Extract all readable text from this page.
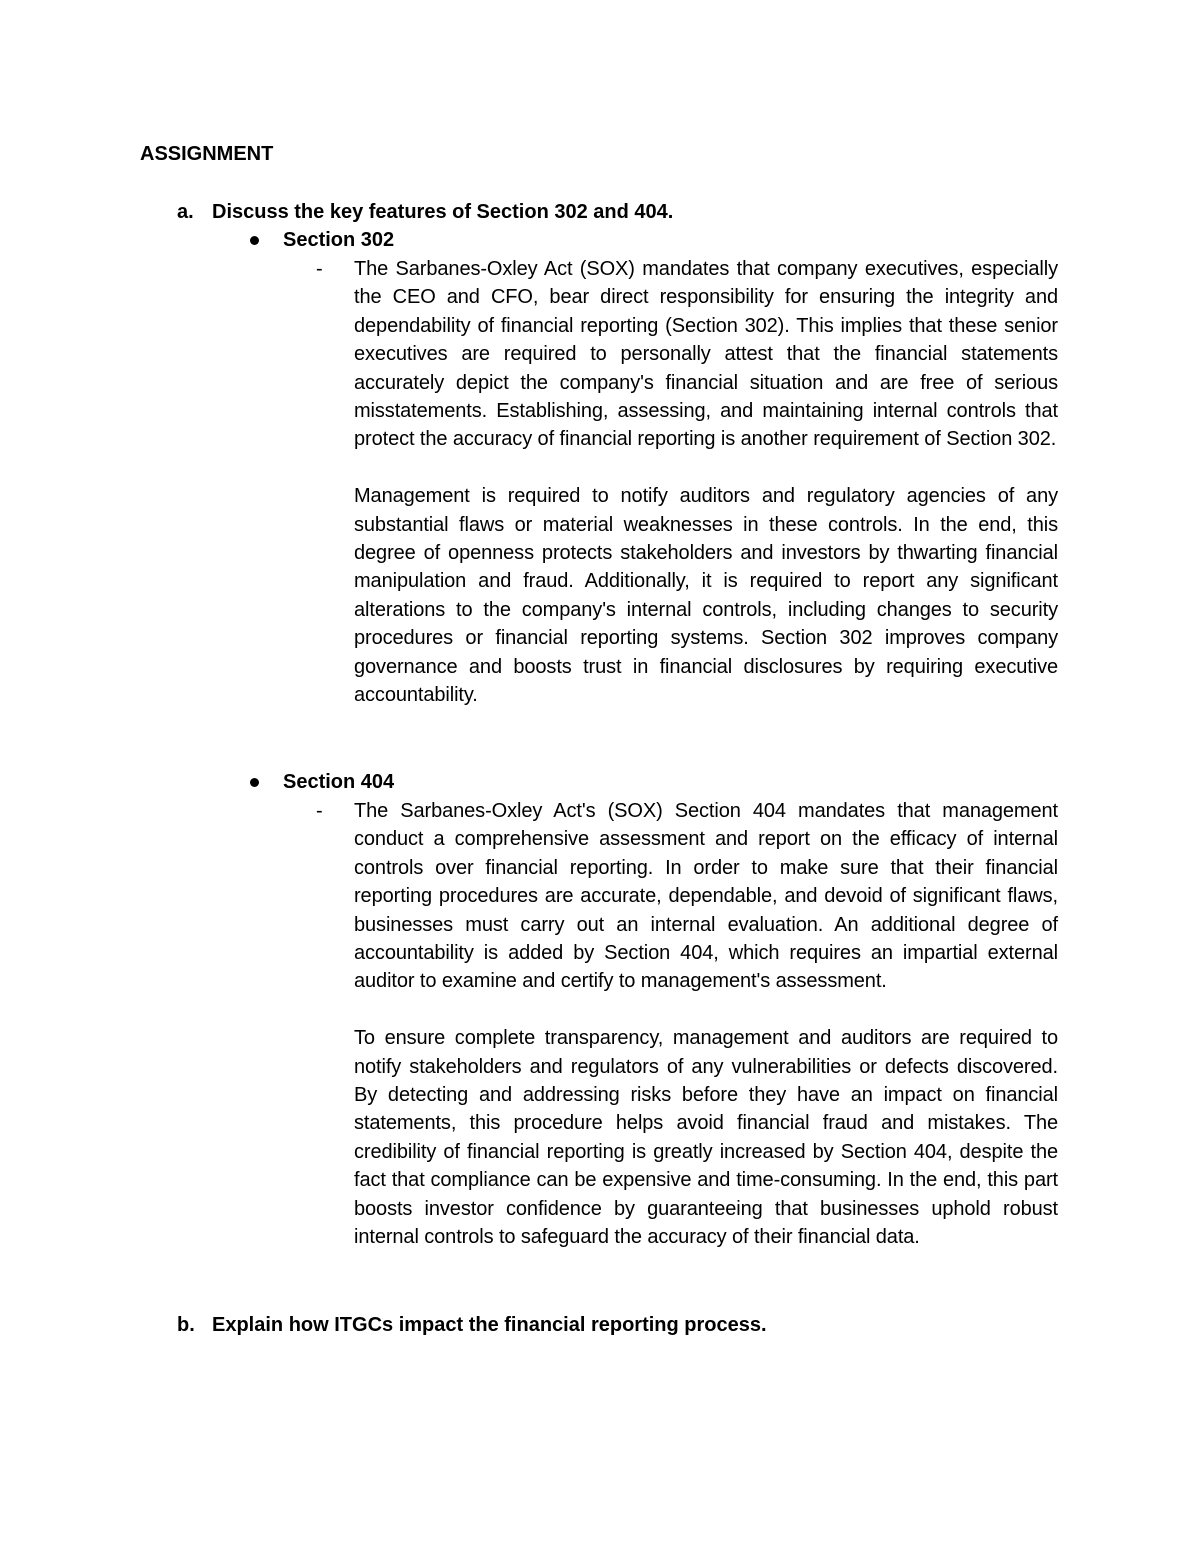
ASSIGNMENT
a. Discuss the key features of Section 302 and 404.
Section 302
- The Sarbanes-Oxley Act (SOX) mandates that company executives, especially the CEO and CFO, bear direct responsibility for ensuring the integrity and dependability of financial reporting (Section 302). This implies that these senior executives are required to personally attest that the financial statements accurately depict the company's financial situation and are free of serious misstatements. Establishing, assessing, and maintaining internal controls that protect the accuracy of financial reporting is another requirement of Section 302.

Management is required to notify auditors and regulatory agencies of any substantial flaws or material weaknesses in these controls. In the end, this degree of openness protects stakeholders and investors by thwarting financial manipulation and fraud. Additionally, it is required to report any significant alterations to the company's internal controls, including changes to security procedures or financial reporting systems. Section 302 improves company governance and boosts trust in financial disclosures by requiring executive accountability.

Section 404
- The Sarbanes-Oxley Act's (SOX) Section 404 mandates that management conduct a comprehensive assessment and report on the efficacy of internal controls over financial reporting. In order to make sure that their financial reporting procedures are accurate, dependable, and devoid of significant flaws, businesses must carry out an internal evaluation. An additional degree of accountability is added by Section 404, which requires an impartial external auditor to examine and certify to management's assessment.

To ensure complete transparency, management and auditors are required to notify stakeholders and regulators of any vulnerabilities or defects discovered. By detecting and addressing risks before they have an impact on financial statements, this procedure helps avoid financial fraud and mistakes. The credibility of financial reporting is greatly increased by Section 404, despite the fact that compliance can be expensive and time-consuming. In the end, this part boosts investor confidence by guaranteeing that businesses uphold robust internal controls to safeguard the accuracy of their financial data.

b. Explain how ITGCs impact the financial reporting process.
